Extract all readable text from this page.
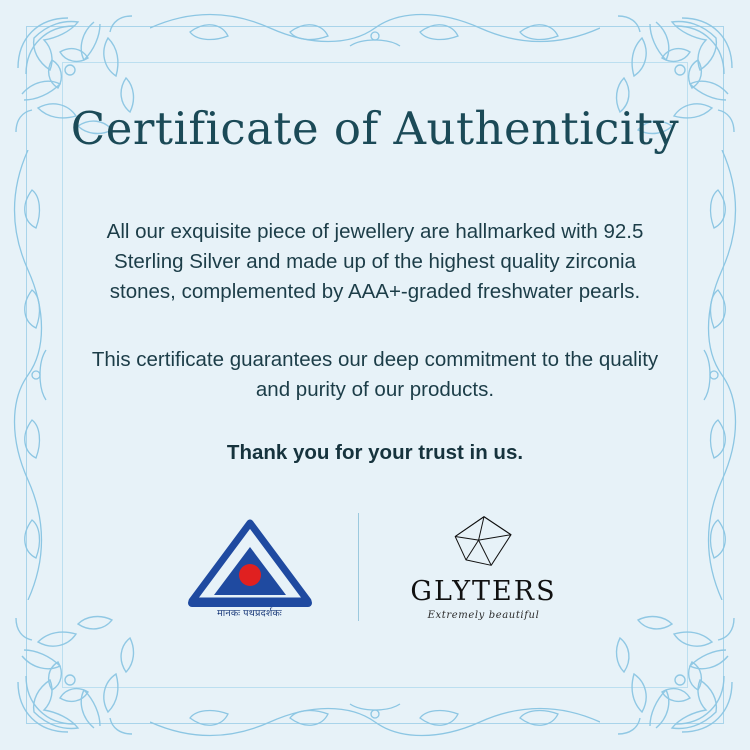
Certificate of Authenticity
All our exquisite piece of jewellery are hallmarked with 92.5 Sterling Silver and made up of the highest quality zirconia stones, complemented by AAA+-graded freshwater pearls.
This certificate guarantees our deep commitment to the quality and purity of our products.
Thank you for your trust in us.
मानकः पथप्रदर्शकः
GLYTERS
Extremely beautiful
